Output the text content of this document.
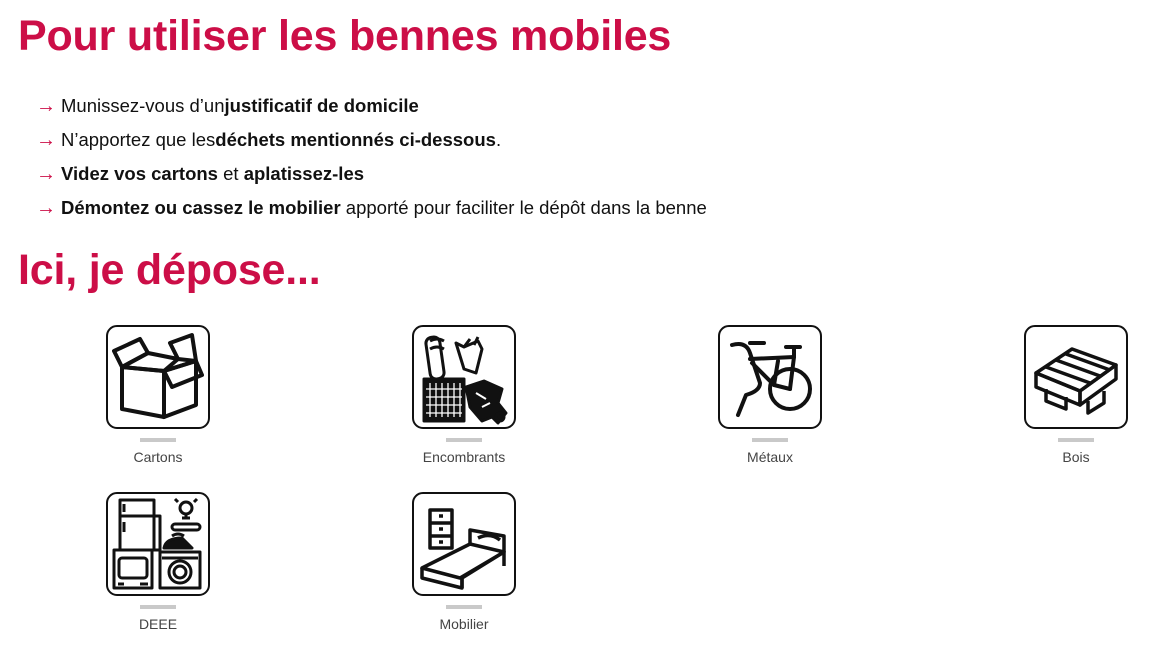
Pour utiliser les bennes mobiles
→ Munissez-vous d’un justificatif de domicile
→ N’apportez que les déchets mentionnés ci-dessous .
→ Videz vos cartons et aplatissez-les
→ Démontez ou cassez le mobilier apporté pour faciliter le dépôt dans la benne
Ici, je dépose...
Cartons	Encombrants	Métaux	Bois
DEEE	Mobilier
